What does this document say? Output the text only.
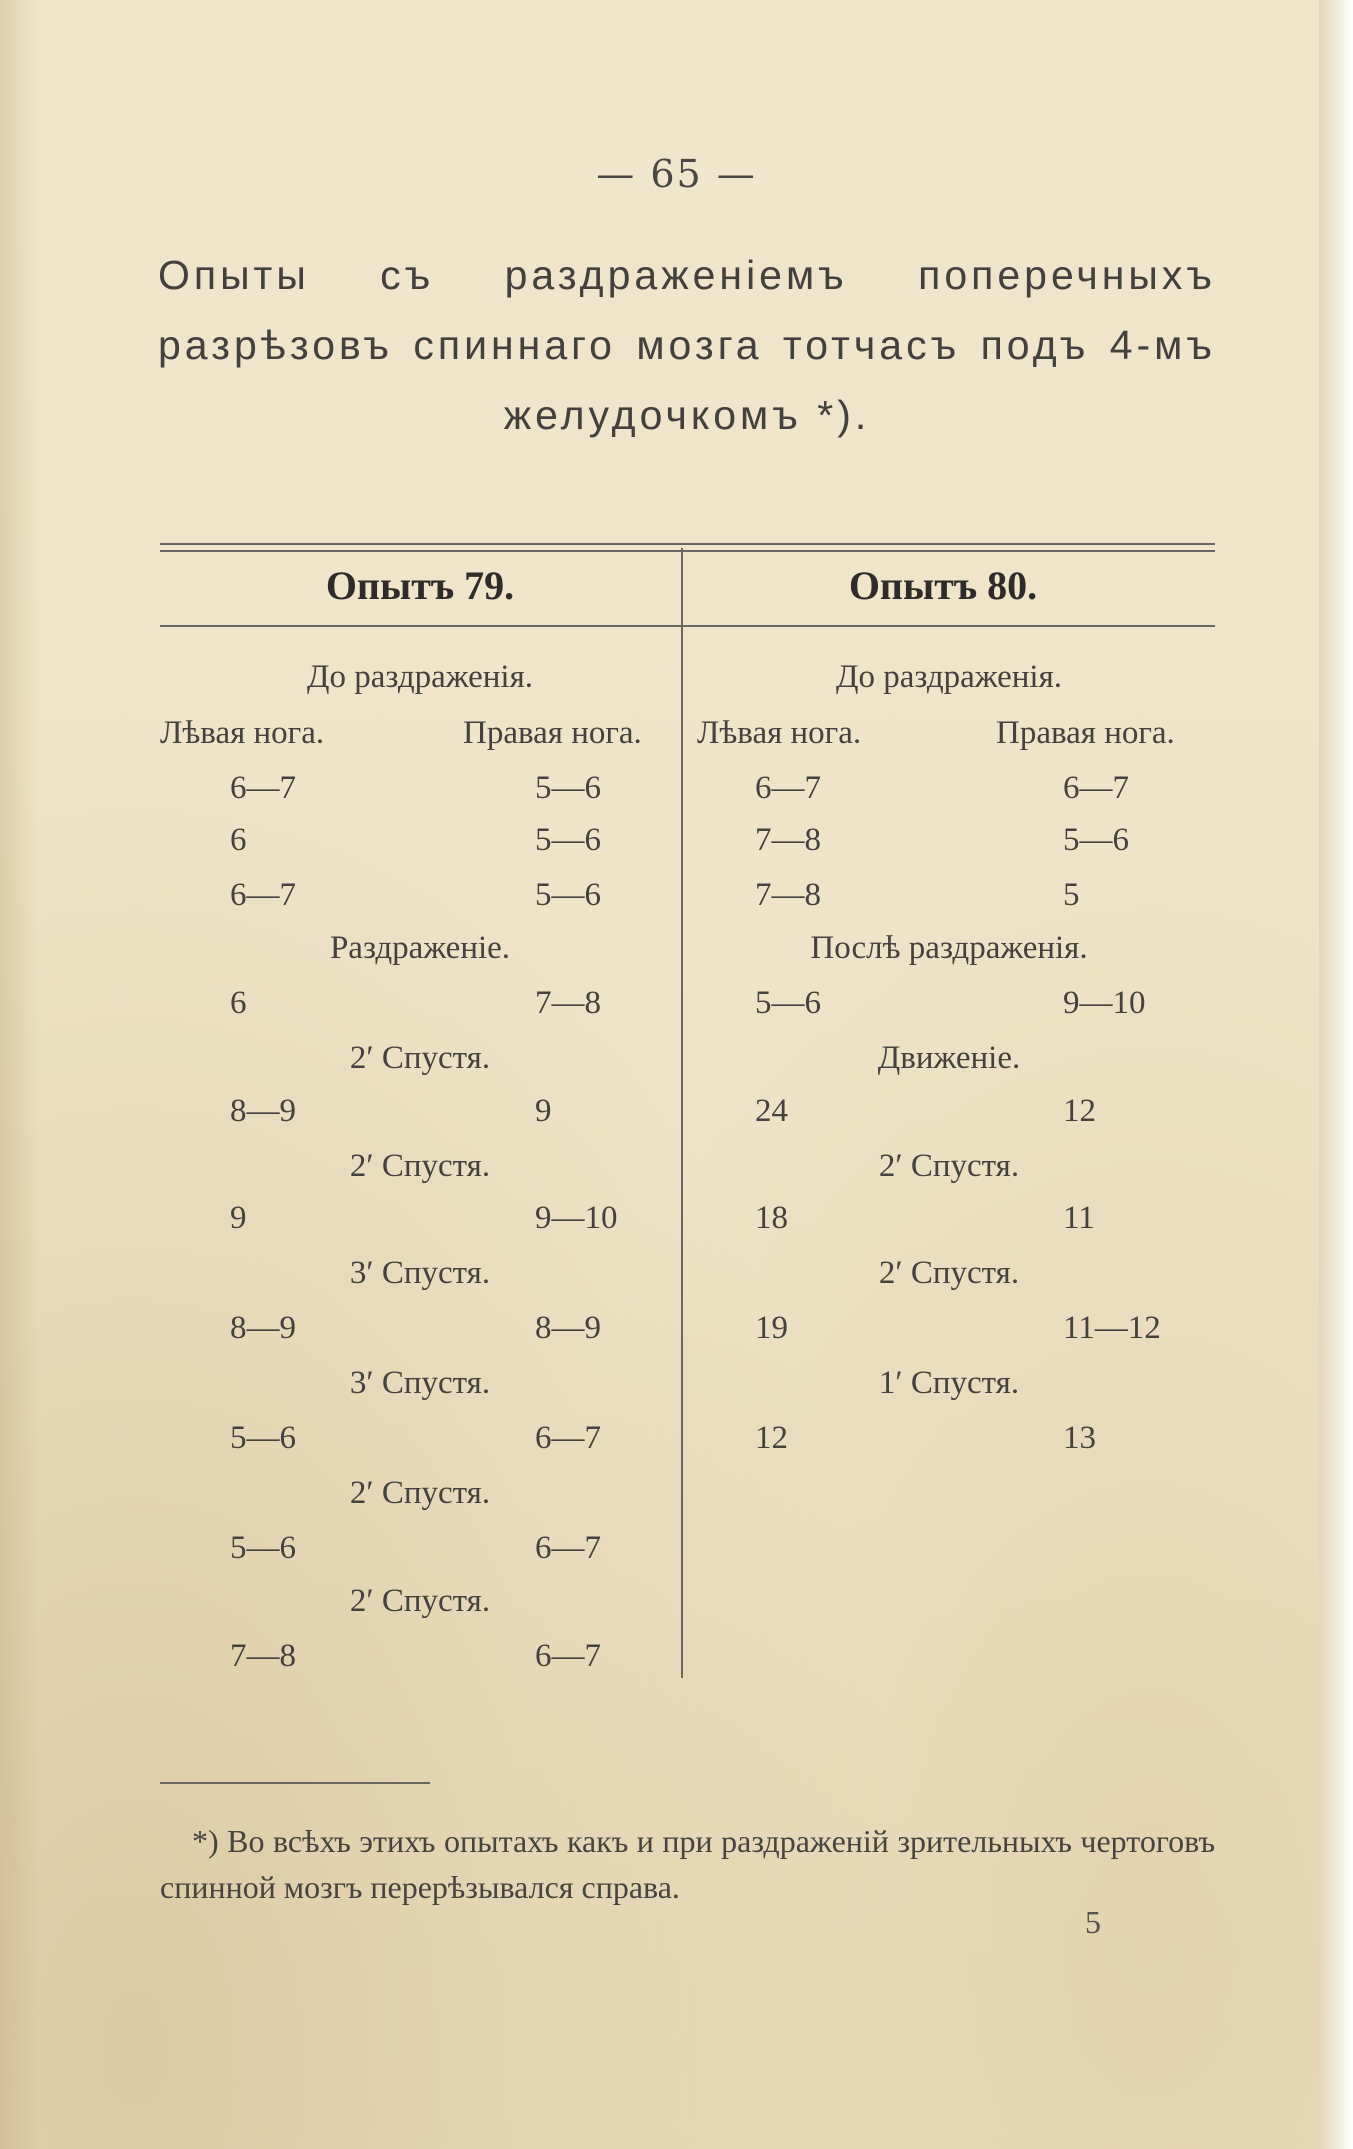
— 65 —
Опыты съ раздраженіемъ поперечныхъ разрѣзовъ спиннаго мозга тотчасъ подъ 4-мъ желудочкомъ *).
Опытъ 79.	Опытъ 80.
До раздраженія.
Лѣвая нога.	Правая нога.
6—7	5—6
6	5—6
6—7	5—6
Раздраженіе.
6	7—8
2′ Спустя.
8—9	9
2′ Спустя.
9	9—10
3′ Спустя.
8—9	8—9
3′ Спустя.
5—6	6—7
2′ Спустя.
5—6	6—7
2′ Спустя.
7—8	6—7
До раздраженія.
Лѣвая нога.	Правая нога.
6—7	6—7
7—8	5—6
7—8	5
Послѣ раздраженія.
5—6	9—10
Движеніе.
24	12
2′ Спустя.
18	11
2′ Спустя.
19	11—12
1′ Спустя.
12	13
*) Во всѣхъ этихъ опытахъ какъ и при раздраженій зрительныхъ чертоговъ спинной мозгъ перерѣзывался справа.
5
